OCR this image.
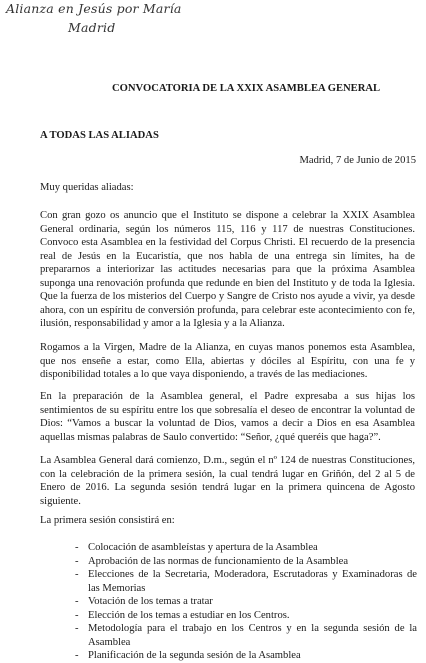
Alianza en Jesús por María
Madrid
CONVOCATORIA DE LA XXIX ASAMBLEA GENERAL
A TODAS LAS ALIADAS
Madrid, 7 de Junio de 2015
Muy queridas aliadas:

Con gran gozo os anuncio que el Instituto se dispone a celebrar la XXIX Asamblea General ordinaria, según los números 115, 116 y 117 de nuestras Constituciones. Convoco esta Asamblea en la festividad del Corpus Christi. El recuerdo de la presencia real de Jesús en la Eucaristía, que nos habla de una entrega sin límites, ha de prepararnos a interiorizar las actitudes necesarias para que la próxima Asamblea suponga una renovación profunda que redunde en bien del Instituto y de toda la Iglesia. Que la fuerza de los misterios del Cuerpo y Sangre de Cristo nos ayude a vivir, ya desde ahora, con un espíritu de conversión profunda, para celebrar este acontecimiento con fe, ilusión, responsabilidad y amor a la Iglesia y a la Alianza.

Rogamos a la Virgen, Madre de la Alianza, en cuyas manos ponemos esta Asamblea, que nos enseñe a estar, como Ella, abiertas y dóciles al Espíritu, con una fe y disponibilidad totales a lo que vaya disponiendo, a través de las mediaciones.

En la preparación de la Asamblea general, el Padre expresaba a sus hijas los sentimientos de su espíritu entre los que sobresalía el deseo de encontrar la voluntad de Dios: “Vamos a buscar la voluntad de Dios, vamos a decir a Dios en esa Asamblea aquellas mismas palabras de Saulo convertido: “Señor, ¿qué queréis que haga?”.

La Asamblea General dará comienzo, D.m., según el nº 124 de nuestras Constituciones, con la celebración de la primera sesión, la cual tendrá lugar en Griñón, del 2 al 5 de Enero de 2016. La segunda sesión tendrá lugar en la primera quincena de Agosto siguiente.

La primera sesión consistirá en:
- Colocación de asambleístas y apertura de la Asamblea
- Aprobación de las normas de funcionamiento de la Asamblea
- Elecciones de la Secretaria, Moderadora, Escrutadoras y Examinadoras de las Memorias
- Votación de los temas a tratar
- Elección de los temas a estudiar en los Centros.
- Metodología para el trabajo en los Centros y en la segunda sesión de la Asamblea
- Planificación de la segunda sesión de la Asamblea
